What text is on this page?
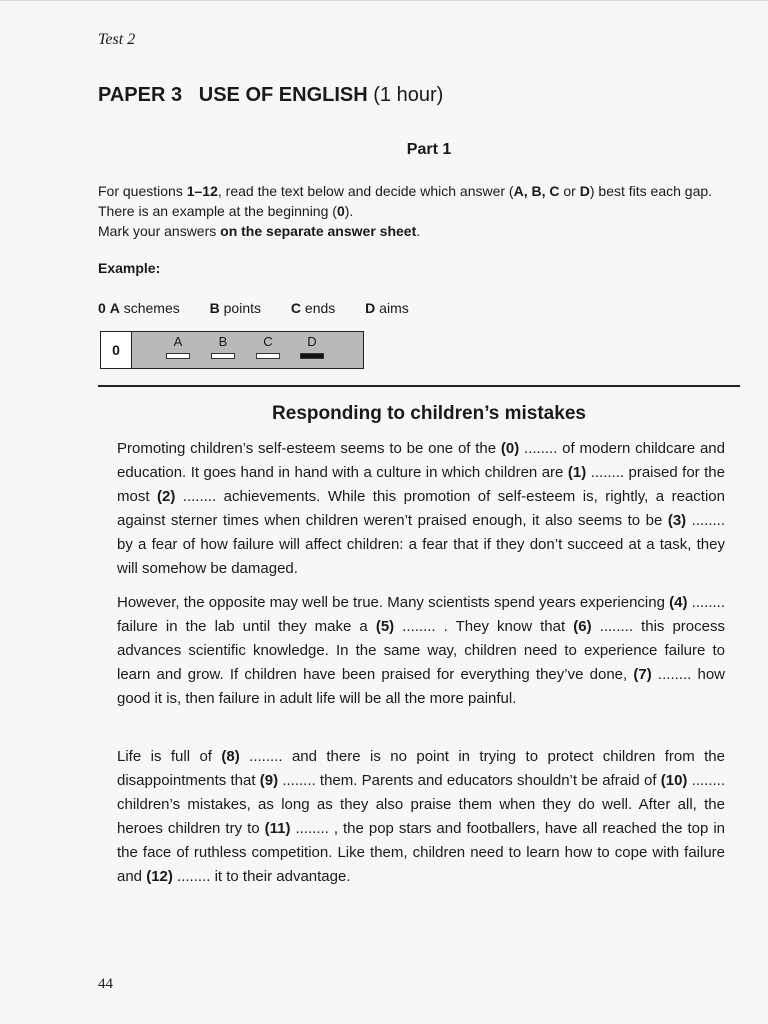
Test 2
PAPER 3   USE OF ENGLISH (1 hour)
Part 1
For questions 1–12, read the text below and decide which answer (A, B, C or D) best fits each gap.
There is an example at the beginning (0).
Mark your answers on the separate answer sheet.
Example:
0 A schemes B points C ends D aims
0
A	B	C	D
Responding to children’s mistakes
Promoting children’s self-esteem seems to be one of the (0) ........ of modern childcare and education. It goes hand in hand with a culture in which children are (1) ........ praised for the most (2) ........ achievements. While this promotion of self-esteem is, rightly, a reaction against sterner times when children weren’t praised enough, it also seems to be (3) ........ by a fear of how failure will affect children: a fear that if they don’t succeed at a task, they will somehow be damaged.
However, the opposite may well be true. Many scientists spend years experiencing (4) ........ failure in the lab until they make a (5) ........ . They know that (6) ........ this process advances scientific knowledge. In the same way, children need to experience failure to learn and grow. If children have been praised for everything they’ve done, (7) ........ how good it is, then failure in adult life will be all the more painful.
Life is full of (8) ........ and there is no point in trying to protect children from the disappointments that (9) ........ them. Parents and educators shouldn’t be afraid of (10) ........ children’s mistakes, as long as they also praise them when they do well. After all, the heroes children try to (11) ........ , the pop stars and footballers, have all reached the top in the face of ruthless competition. Like them, children need to learn how to cope with failure and (12) ........ it to their advantage.
44
